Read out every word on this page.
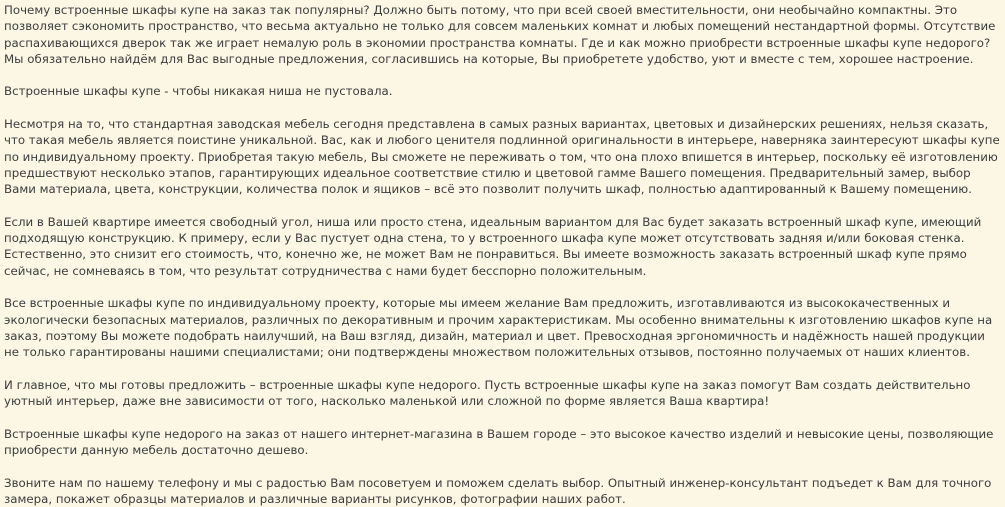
Почему встроенные шкафы купе на заказ так популярны? Должно быть потому, что при всей своей вместительности, они необычайно компактны. Это позволяет сэкономить пространство, что весьма актуально не только для совсем маленьких комнат и любых помещений нестандартной формы. Отсутствие распахивающихся дверок так же играет немалую роль в экономии пространства комнаты. Где и как можно приобрести встроенные шкафы купе недорого? Мы обязательно найдём для Вас выгодные предложения, согласившись на которые, Вы приобретете удобство, уют и вместе с тем, хорошее настроение.

Встроенные шкафы купе - чтобы никакая ниша не пустовала.

Несмотря на то, что стандартная заводская мебель сегодня представлена в самых разных вариантах, цветовых и дизайнерских решениях, нельзя сказать, что такая мебель является поистине уникальной. Вас, как и любого ценителя подлинной оригинальности в интерьере, наверняка заинтересуют шкафы купе по индивидуальному проекту. Приобретая такую мебель, Вы сможете не переживать о том, что она плохо впишется в интерьер, поскольку её изготовлению предшествуют несколько этапов, гарантирующих идеальное соответствие стилю и цветовой гамме Вашего помещения. Предварительный замер, выбор Вами материала, цвета, конструкции, количества полок и ящиков – всё это позволит получить шкаф, полностью адаптированный к Вашему помещению.

Если в Вашей квартире имеется свободный угол, ниша или просто стена, идеальным вариантом для Вас будет заказать встроенный шкаф купе, имеющий подходящую конструкцию. К примеру, если у Вас пустует одна стена, то у встроенного шкафа купе может отсутствовать задняя и/или боковая стенка. Естественно, это снизит его стоимость, что, конечно же, не может Вам не понравиться. Вы имеете возможность заказать встроенный шкаф купе прямо сейчас, не сомневаясь в том, что результат сотрудничества с нами будет бесспорно положительным.

Все встроенные шкафы купе по индивидуальному проекту, которые мы имеем желание Вам предложить, изготавливаются из высококачественных и экологически безопасных материалов, различных по декоративным и прочим характеристикам. Мы особенно внимательны к изготовлению шкафов купе на заказ, поэтому Вы можете подобрать наилучший, на Ваш взгляд, дизайн, материал и цвет. Превосходная эргономичность и надёжность нашей продукции не только гарантированы нашими специалистами; они подтверждены множеством положительных отзывов, постоянно получаемых от наших клиентов.

И главное, что мы готовы предложить – встроенные шкафы купе недорого. Пусть встроенные шкафы купе на заказ помогут Вам создать действительно уютный интерьер, даже вне зависимости от того, насколько маленькой или сложной по форме является Ваша квартира!

Встроенные шкафы купе недорого на заказ от нашего интернет-магазина в Вашем городе – это высокое качество изделий и невысокие цены, позволяющие приобрести данную мебель достаточно дешево.

Звоните нам по нашему телефону и мы с радостью Вам посоветуем и поможем сделать выбор. Опытный инженер-консультант подъедет к Вам для точного замера, покажет образцы материалов и различные варианты рисунков, фотографии наших работ.
